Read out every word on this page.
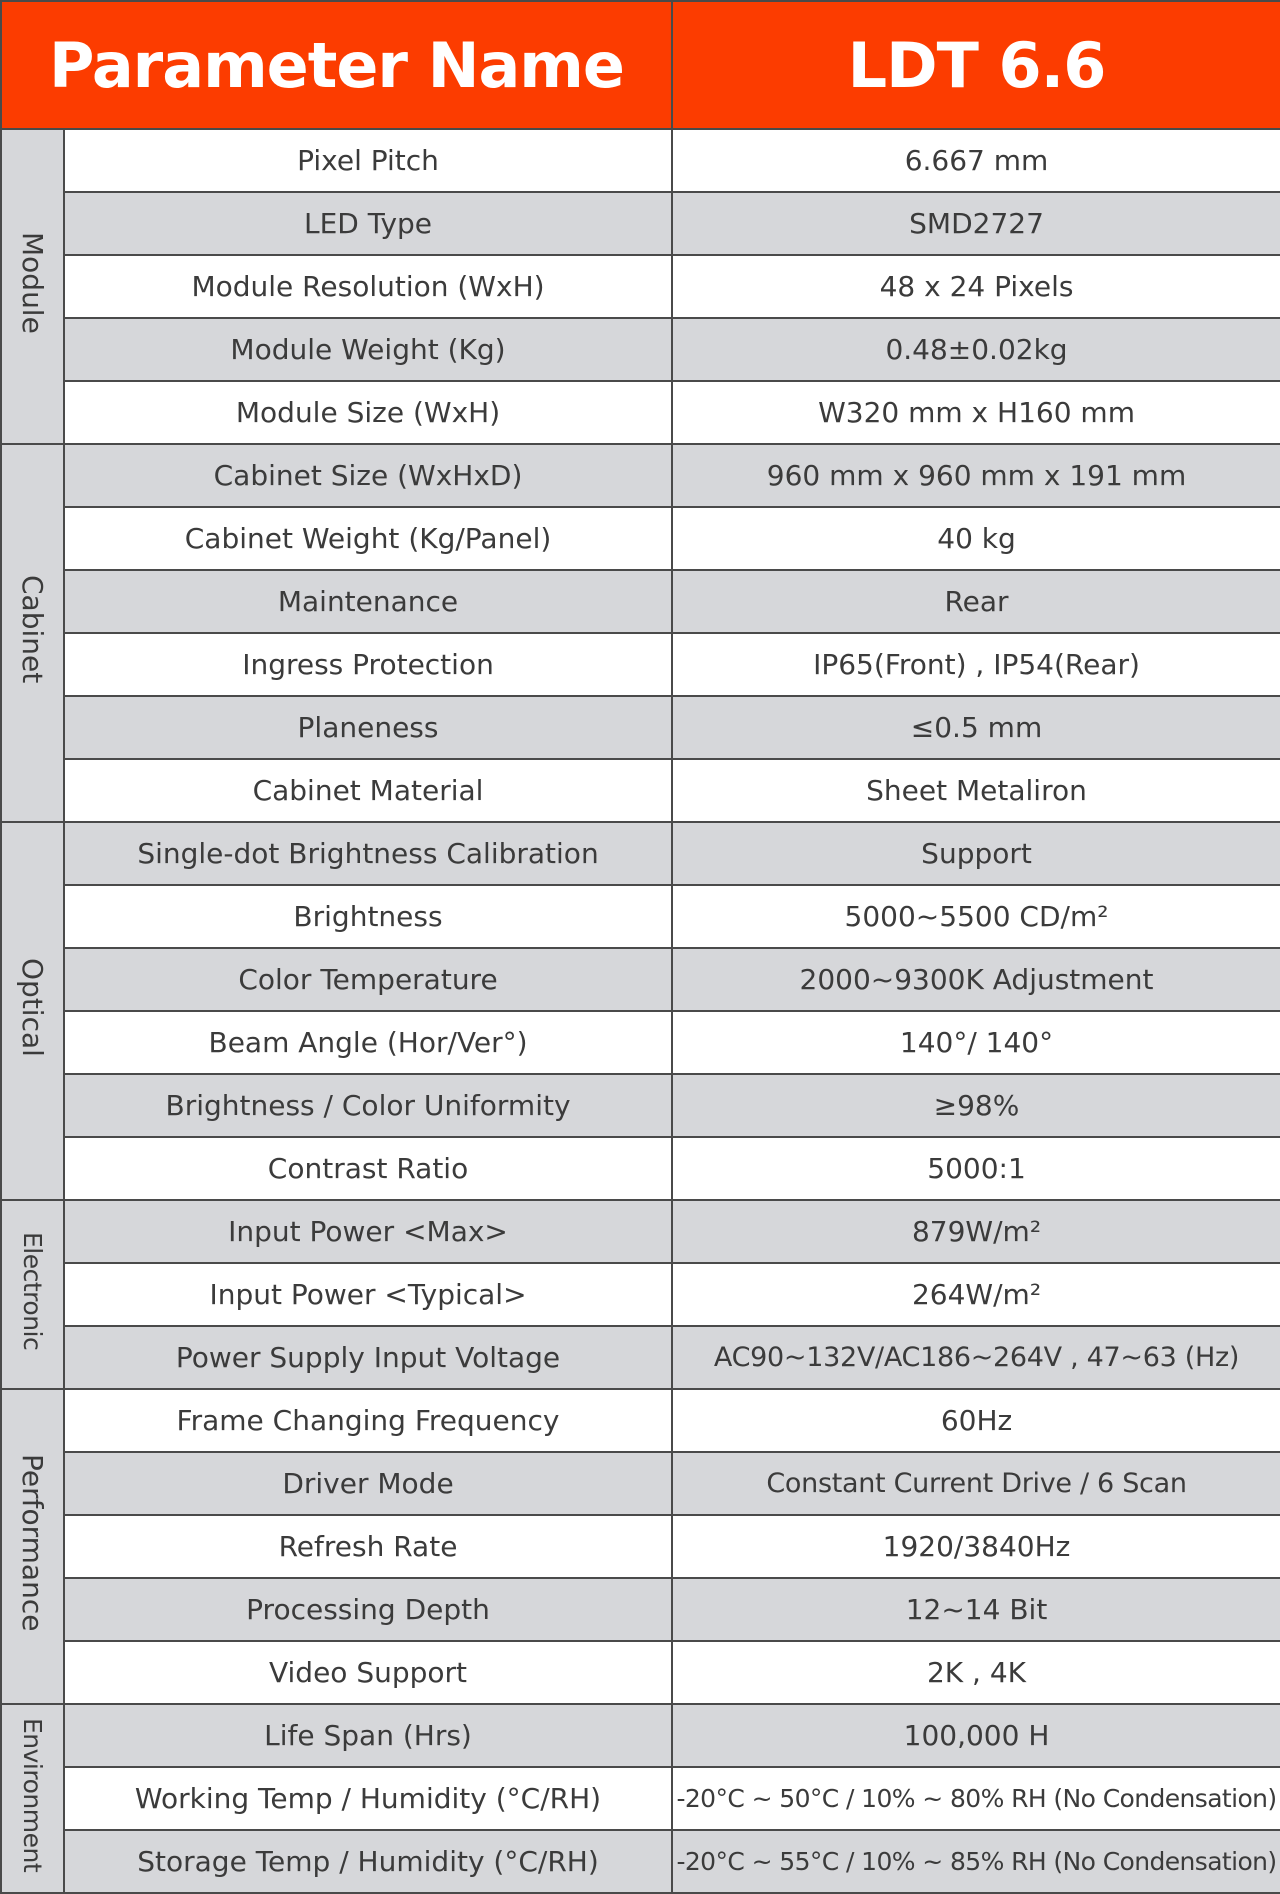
Parameter Name		LDT 6.6
Module	Pixel Pitch	6.667 mm
	LED Type	SMD2727
	Module Resolution (WxH)	48 x 24 Pixels
	Module Weight (Kg)	0.48±0.02kg
	Module Size (WxH)	W320 mm x H160 mm
Cabinet	Cabinet Size (WxHxD)	960 mm x 960 mm x 191 mm
	Cabinet Weight (Kg/Panel)	40 kg
	Maintenance	Rear
	Ingress Protection	IP65(Front) , IP54(Rear)
	Planeness	≤0.5 mm
	Cabinet Material	Sheet Metaliron
Optical	Single-dot Brightness Calibration	Support
	Brightness	5000~5500 CD/m²
	Color Temperature	2000~9300K Adjustment
	Beam Angle (Hor/Ver°)	140°/ 140°
	Brightness / Color Uniformity	≥98%
	Contrast Ratio	5000:1
Electronic	Input Power <Max>	879W/m²
	Input Power <Typical>	264W/m²
	Power Supply Input Voltage	AC90~132V/AC186~264V , 47~63 (Hz)
Performance	Frame Changing Frequency	60Hz
	Driver Mode	Constant Current Drive / 6 Scan
	Refresh Rate	1920/3840Hz
	Processing Depth	12~14 Bit
	Video Support	2K , 4K
Environment	Life Span (Hrs)	100,000 H
	Working Temp / Humidity (°C/RH)	-20°C ~ 50°C / 10% ~ 80% RH (No Condensation)
	Storage Temp / Humidity (°C/RH)	-20°C ~ 55°C / 10% ~ 85% RH (No Condensation)
